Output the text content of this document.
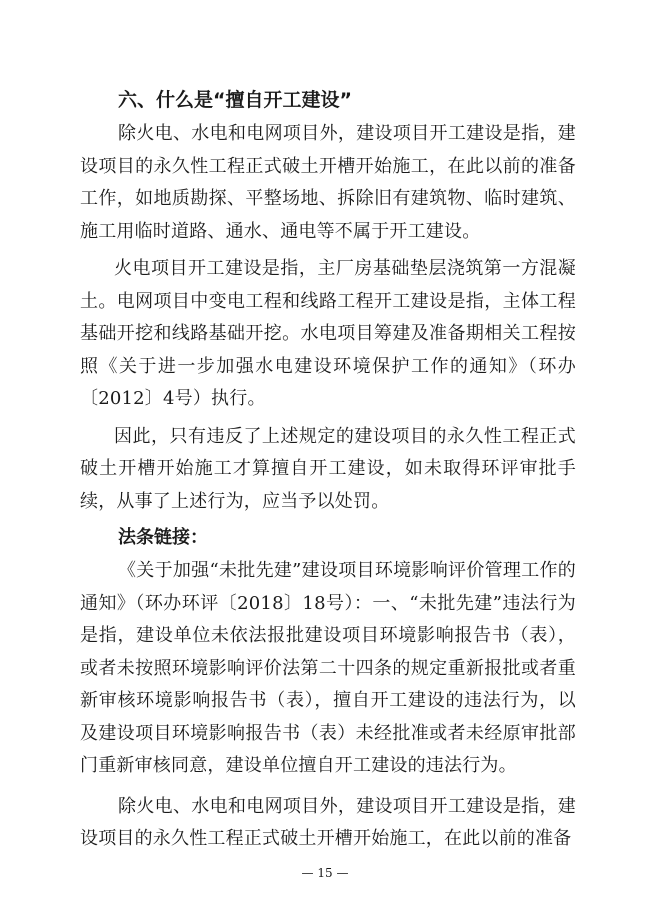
六、什么是“擅自开工建设”

除火电、水电和电网项目外，建设项目开工建设是指，建设项目的永久性工程正式破土开槽开始施工，在此以前的准备工作，如地质勘探、平整场地、拆除旧有建筑物、临时建筑、施工用临时道路、通水、通电等不属于开工建设。

火电项目开工建设是指，主厂房基础垫层浇筑第一方混凝土。电网项目中变电工程和线路工程开工建设是指，主体工程基础开挖和线路基础开挖。水电项目筹建及准备期相关工程按照《关于进一步加强水电建设环境保护工作的通知》（环办〔2012〕4号）执行。

因此，只有违反了上述规定的建设项目的永久性工程正式破土开槽开始施工才算擅自开工建设，如未取得环评审批手续，从事了上述行为，应当予以处罚。

法条链接：

《关于加强“未批先建”建设项目环境影响评价管理工作的通知》（环办环评〔2018〕18号）：一、“未批先建”违法行为是指，建设单位未依法报批建设项目环境影响报告书（表），或者未按照环境影响评价法第二十四条的规定重新报批或者重新审核环境影响报告书（表），擅自开工建设的违法行为，以及建设项目环境影响报告书（表）未经批准或者未经原审批部门重新审核同意，建设单位擅自开工建设的违法行为。

除火电、水电和电网项目外，建设项目开工建设是指，建设项目的永久性工程正式破土开槽开始施工，在此以前的准备

— 15 —
